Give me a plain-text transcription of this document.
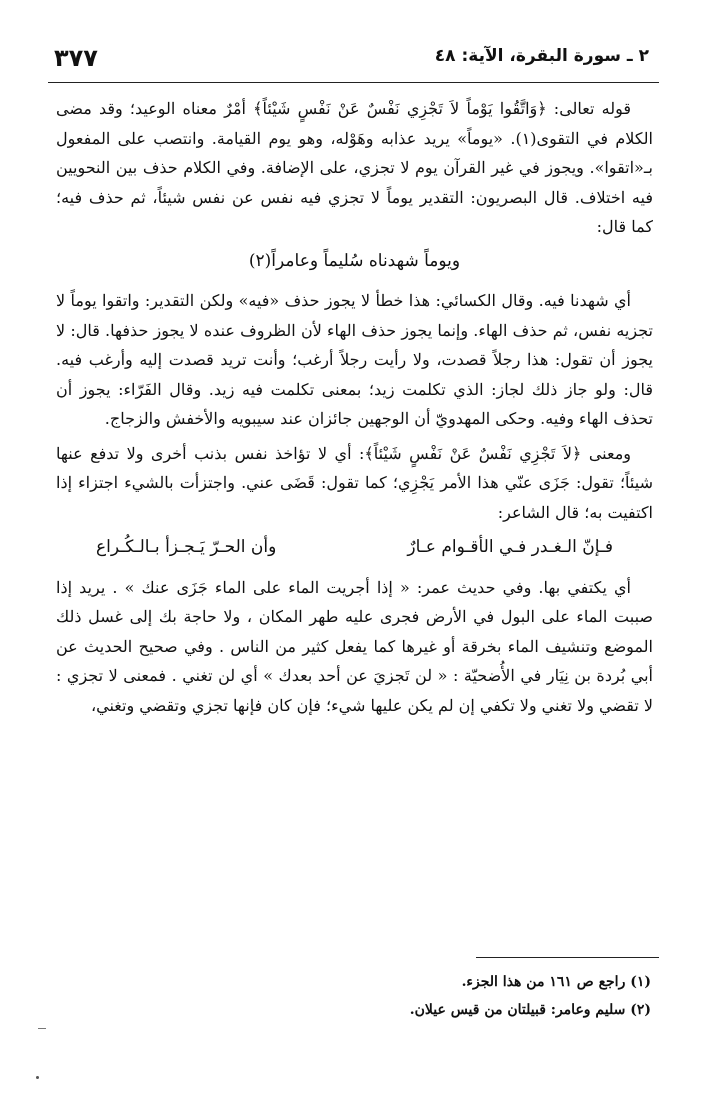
٣٧٧	٢ ـ سورة البقرة، الآية: ٤٨

قوله تعالى: ﴿وَاتَّقُوا يَوْماً لاَ تَجْزِي نَفْسٌ عَنْ نَفْسٍ شَيْئاً﴾ أمْرٌ معناه الوعيد؛ وقد مضى الكلام في التقوى(١). «يوماً» يريد عذابه وهَوْله، وهو يوم القيامة. وانتصب على المفعول بـ«اتقوا». ويجوز في غير القرآن يوم لا تجزي، على الإضافة. وفي الكلام حذف بين النحويين فيه اختلاف. قال البصريون: التقدير يوماً لا تجزي فيه نفس عن نفس شيئاً، ثم حذف فيه؛ كما قال:

ويوماً شهدناه سُليماً وعامراً(٢)

أي شهدنا فيه. وقال الكسائي: هذا خطأ لا يجوز حذف «فيه» ولكن التقدير: واتقوا يوماً لا تجزيه نفس، ثم حذف الهاء. وإنما يجوز حذف الهاء لأن الظروف عنده لا يجوز حذفها. قال: لا يجوز أن تقول: هذا رجلاً قصدت، ولا رأيت رجلاً أرغب؛ وأنت تريد قصدت إليه وأرغب فيه. قال: ولو جاز ذلك لجاز: الذي تكلمت زيد؛ بمعنى تكلمت فيه زيد. وقال الفَرّاء: يجوز أن تحذف الهاء وفيه. وحكى المهدويّ أن الوجهين جائزان عند سيبويه والأخفش والزجاج.

ومعنى ﴿لاَ تَجْزِي نَفْسٌ عَنْ نَفْسٍ شَيْئاً﴾: أي لا تؤاخذ نفس بذنب أخرى ولا تدفع عنها شيئاً؛ تقول: جَزَى عنّي هذا الأمر يَجْزِي؛ كما تقول: قَضَى عني. واجتزأت بالشيء اجتزاء إذا اكتفيت به؛ قال الشاعر:

فـإنّ الـغـدر فـي الأقـوام عـارٌ
وأن الحـرّ يَـجـزأ بـالـكُـراع

أي يكتفي بها. وفي حديث عمر: « إذا أجريت الماء على الماء جَزَى عنك » . يريد إذا صببت الماء على البول في الأرض فجرى عليه طهر المكان ، ولا حاجة بك إلى غسل ذلك الموضع وتنشيف الماء بخرقة أو غيرها كما يفعل كثير من الناس . وفي صحيح الحديث عن أبي بُردة بن نِيَار في الأُضحيّة : « لن تَجزيَ عن أحد بعدك » أي لن تغني . فمعنى لا تجزي : لا تقضي ولا تغني ولا تكفي إن لم يكن عليها شيء؛ فإن كان فإنها تجزي وتقضي وتغني،

(١) راجع ص ١٦١ من هذا الجزء.
(٢) سليم وعامر: قبيلتان من قيس عيلان.
